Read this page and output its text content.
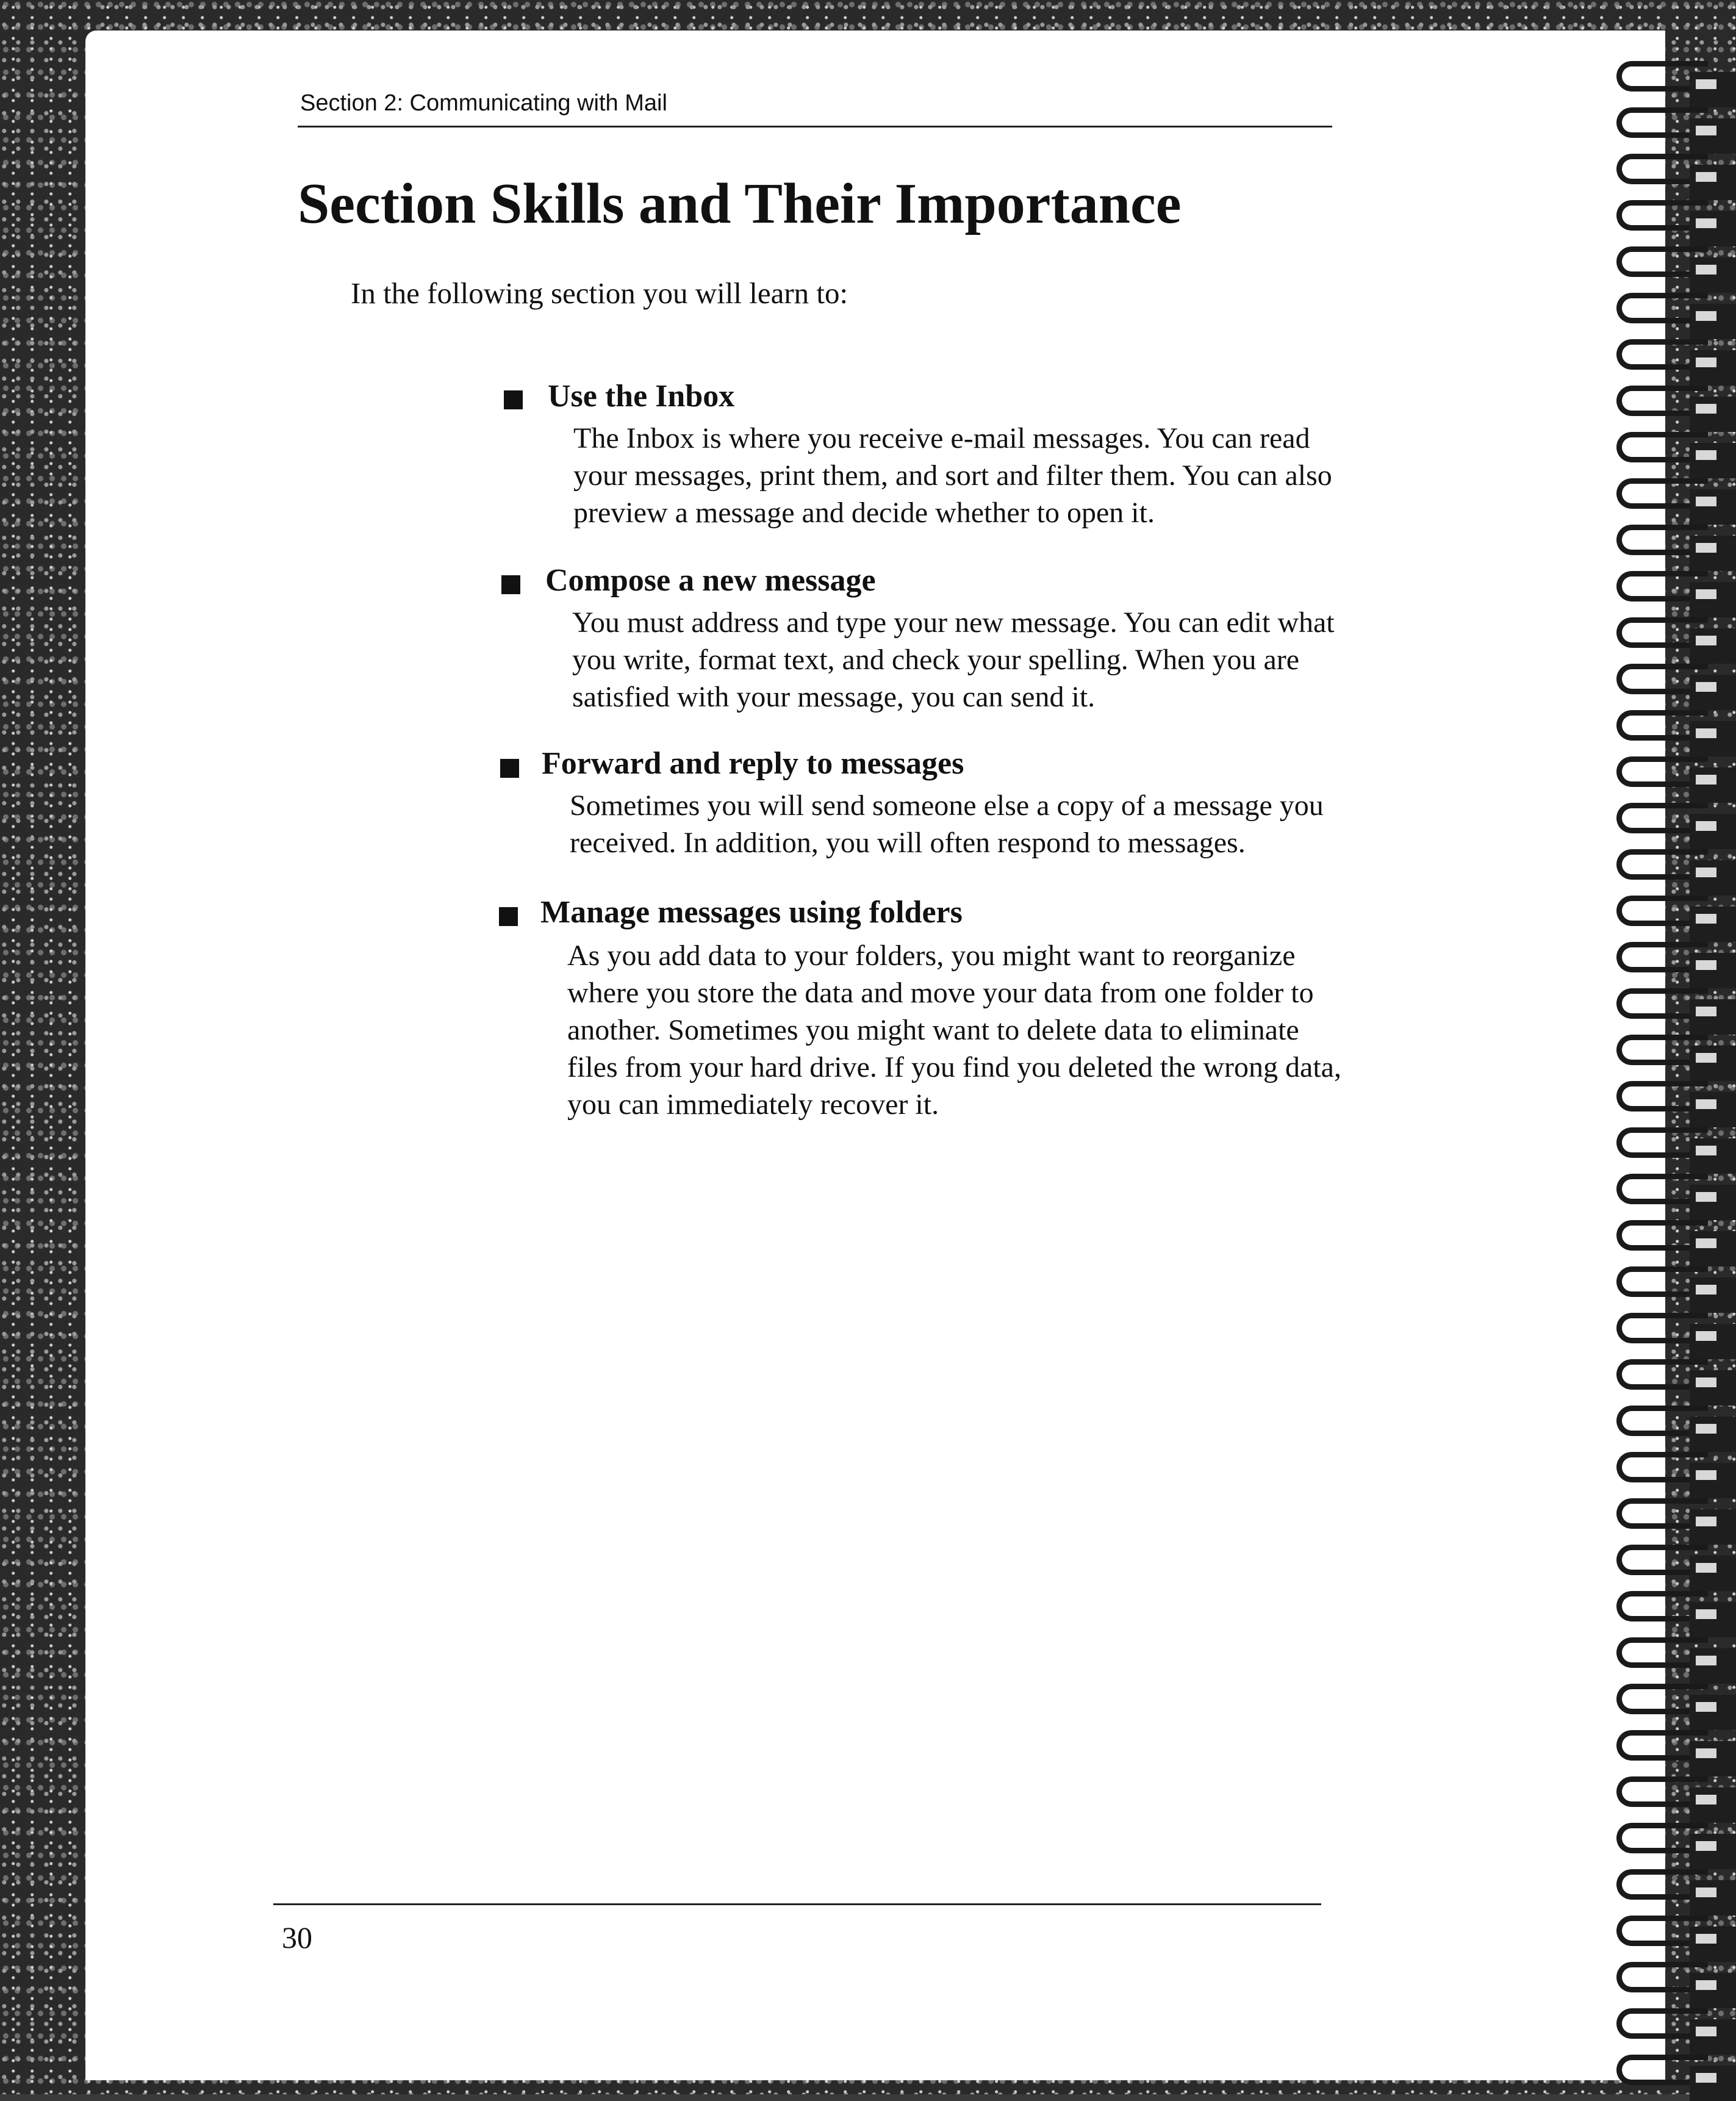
Section 2: Communicating with Mail
Section Skills and Their Importance
In the following section you will learn to:
Use the Inbox
The Inbox is where you receive e-mail messages. You can read
your messages, print them, and sort and filter them. You can also
preview a message and decide whether to open it.
Compose a new message
You must address and type your new message. You can edit what
you write, format text, and check your spelling. When you are
satisfied with your message, you can send it.
Forward and reply to messages
Sometimes you will send someone else a copy of a message you
received. In addition, you will often respond to messages.
Manage messages using folders
As you add data to your folders, you might want to reorganize
where you store the data and move your data from one folder to
another. Sometimes you might want to delete data to eliminate
files from your hard drive. If you find you deleted the wrong data,
you can immediately recover it.
30
